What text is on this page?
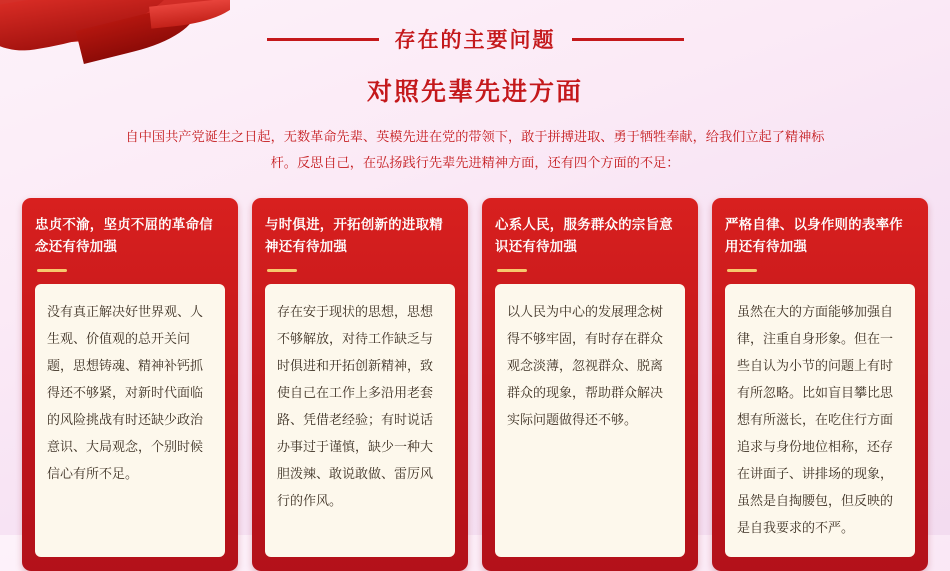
存在的主要问题
对照先辈先进方面
自中国共产党诞生之日起，无数革命先辈、英模先进在党的带领下，敢于拼搏进取、勇于牺牲奉献，给我们立起了精神标杆。反思自己，在弘扬践行先辈先进精神方面，还有四个方面的不足：
忠贞不渝，坚贞不屈的革命信念还有待加强
没有真正解决好世界观、人生观、价值观的总开关问题，思想铸魂、精神补钙抓得还不够紧，对新时代面临的风险挑战有时还缺少政治意识、大局观念，个别时候信心有所不足。
与时俱进，开拓创新的进取精神还有待加强
存在安于现状的思想，思想不够解放，对待工作缺乏与时俱进和开拓创新精神，致使自己在工作上多沿用老套路、凭借老经验；有时说话办事过于谨慎，缺少一种大胆泼辣、敢说敢做、雷厉风行的作风。
心系人民，服务群众的宗旨意识还有待加强
以人民为中心的发展理念树得不够牢固，有时存在群众观念淡薄，忽视群众、脱离群众的现象，帮助群众解决实际问题做得还不够。
严格自律、以身作则的表率作用还有待加强
虽然在大的方面能够加强自律，注重自身形象。但在一些自认为小节的问题上有时有所忽略。比如盲目攀比思想有所滋长，在吃住行方面追求与身份地位相称，还存在讲面子、讲排场的现象，虽然是自掏腰包，但反映的是自我要求的不严。
